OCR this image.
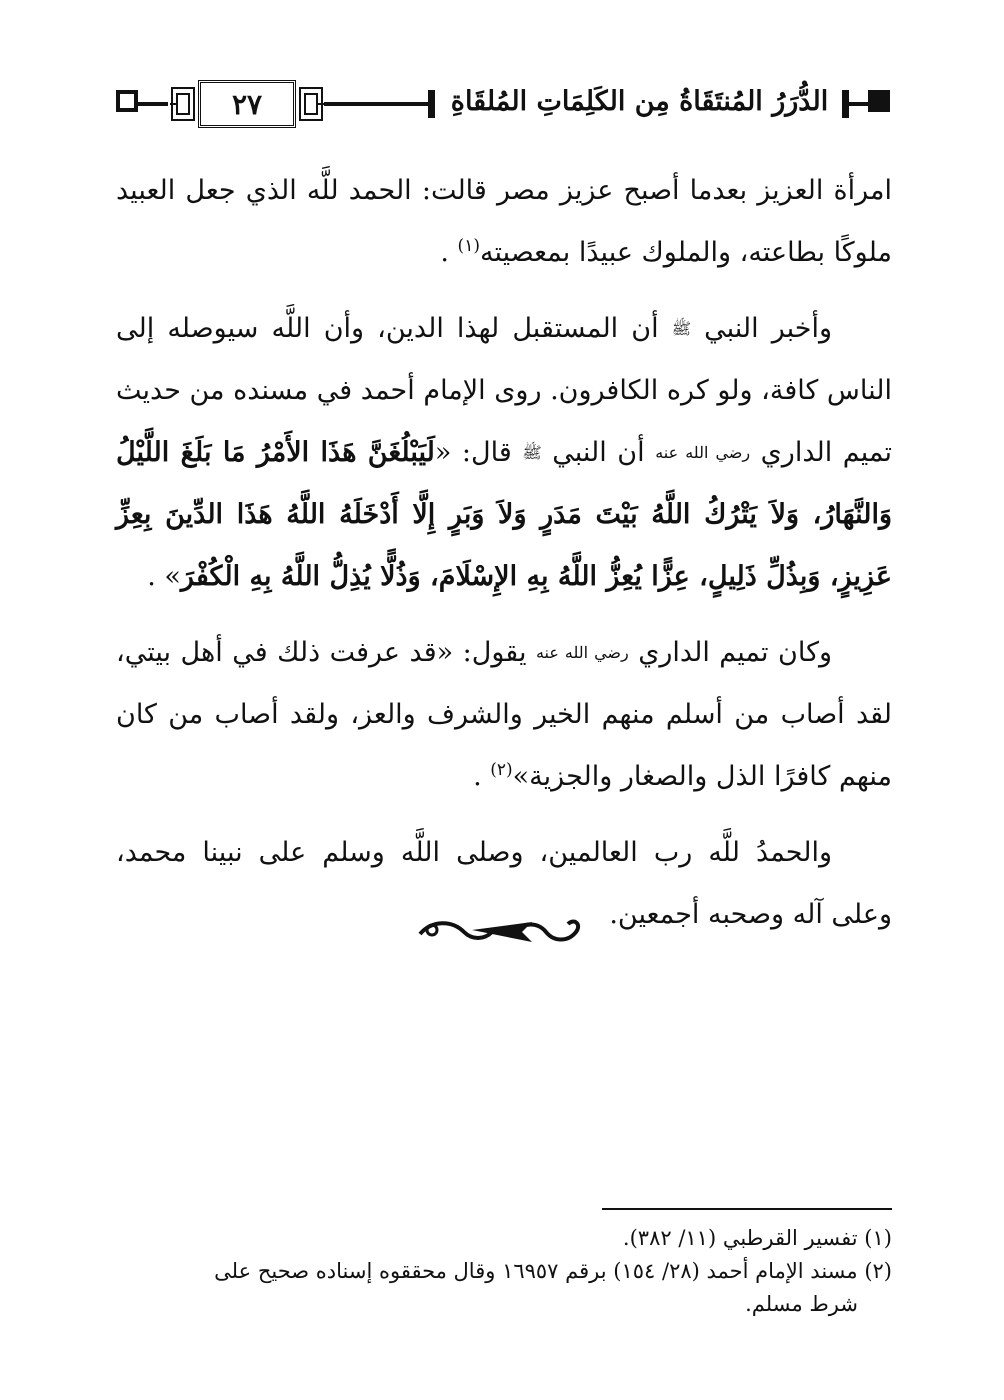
٢٧	الدُّرَرُ المُنتَقَاةُ مِن الكَلِمَاتِ المُلقَاةِ

امرأة العزيز بعدما أصبح عزيز مصر قالت: الحمد للَّه الذي جعل العبيد ملوكًا بطاعته، والملوك عبيدًا بمعصيته$^{(١)}$ .

وأخبر النبي $^ﷺ$ أن المستقبل لهذا الدين، وأن اللَّه سيوصله إلى الناس كافة، ولو كره الكافرون. روى الإمام أحمد في مسنده من حديث تميم الداري $^{رضي الله عنه}$ أن النبي $^ﷺ$ قال: «لَيَبْلُغَنَّ هَذَا الأَمْرُ مَا بَلَغَ اللَّيْلُ وَالنَّهَارُ، وَلاَ يَتْرُكُ اللَّهُ بَيْتَ مَدَرٍ وَلاَ وَبَرٍ إِلَّا أَدْخَلَهُ اللَّهُ هَذَا الدِّينَ بِعِزِّ عَزِيزٍ، وَبِذُلِّ ذَلِيلٍ، عِزًّا يُعِزُّ اللَّهُ بِهِ الإِسْلَامَ، وَذُلًّا يُذِلُّ اللَّهُ بِهِ الْكُفْرَ» .

وكان تميم الداري $^{رضي الله عنه}$ يقول: «قد عرفت ذلك في أهل بيتي، لقد أصاب من أسلم منهم الخير والشرف والعز، ولقد أصاب من كان منهم كافرًا الذل والصغار والجزية»$^{(٢)}$ .

والحمدُ للَّه رب العالمين، وصلى اللَّه وسلم على نبينا محمد، وعلى آله وصحبه أجمعين.

(١) تفسير القرطبي (١١/ ٣٨٢).

(٢) مسند الإمام أحمد (٢٨/ ١٥٤) برقم ١٦٩٥٧ وقال محققوه إسناده صحيح على
شرط مسلم.
